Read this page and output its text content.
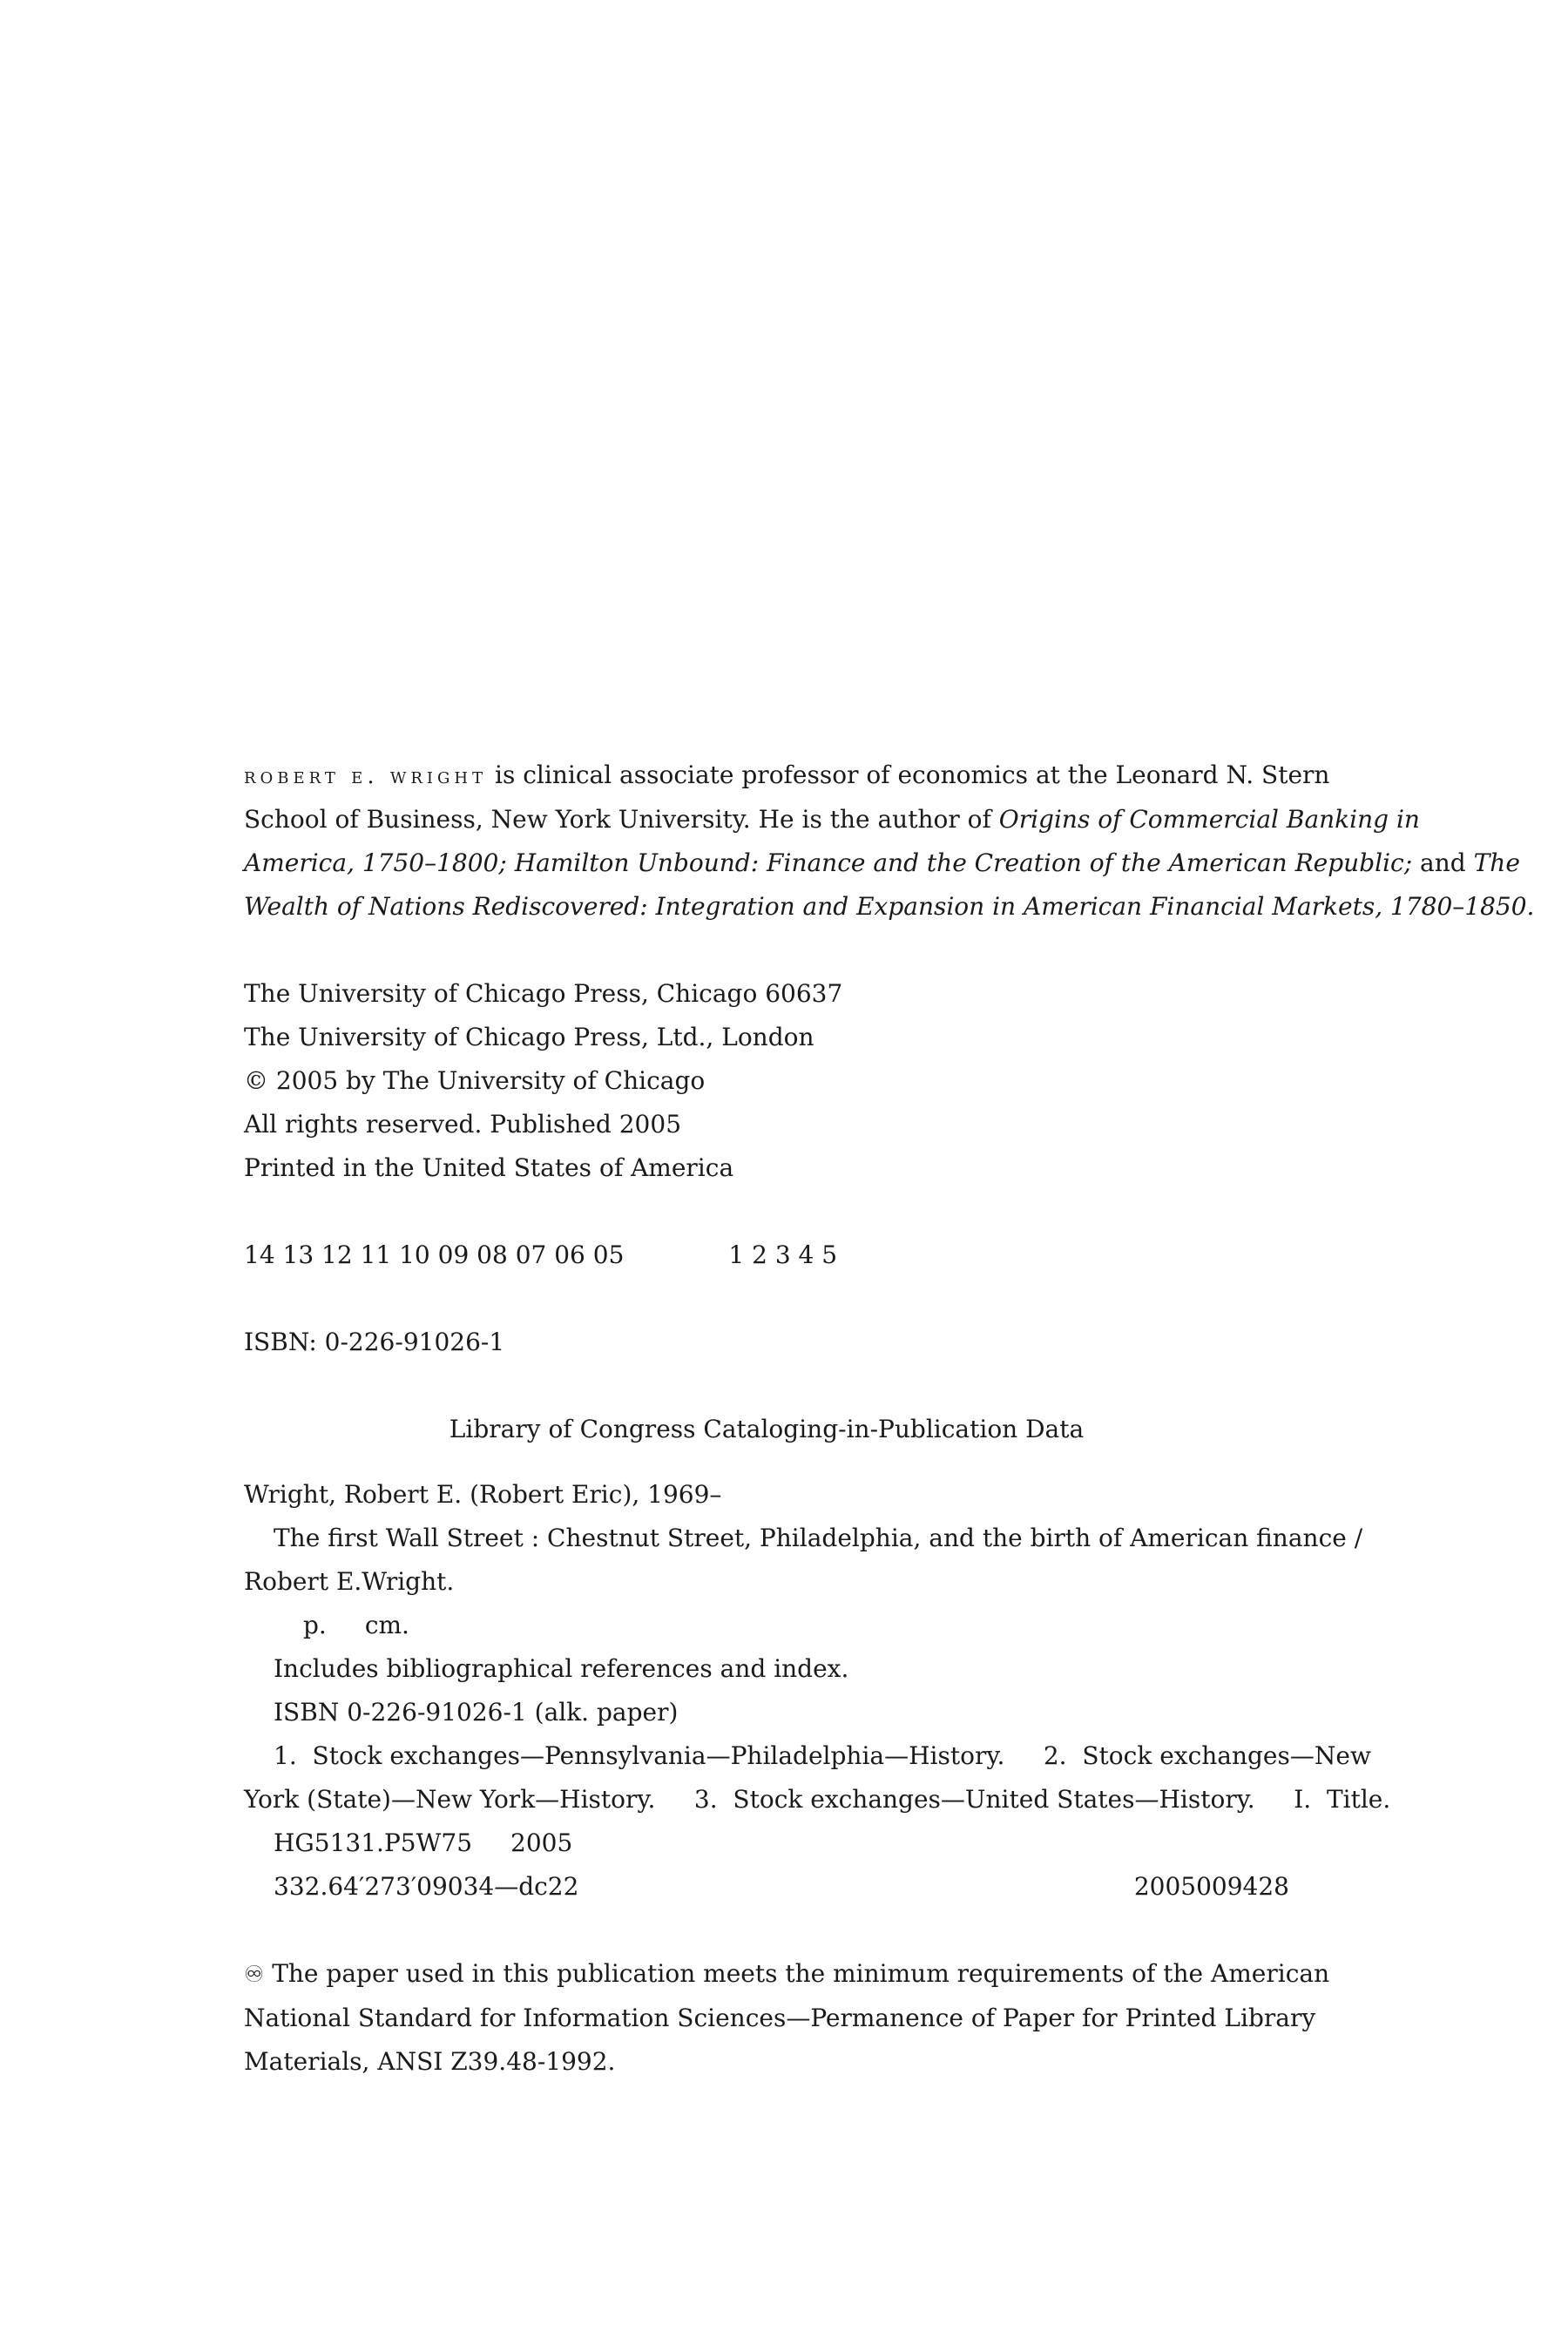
robert e. wright is clinical associate professor of economics at the Leonard N. Stern
School of Business, New York University. He is the author of Origins of Commercial Banking in
America, 1750–1800; Hamilton Unbound: Finance and the Creation of the American Republic; and The
Wealth of Nations Rediscovered: Integration and Expansion in American Financial Markets, 1780–1850.
The University of Chicago Press, Chicago 60637
The University of Chicago Press, Ltd., London
© 2005 by The University of Chicago
All rights reserved. Published 2005
Printed in the United States of America
14 13 12 11 10 09 08 07 06 05	1 2 3 4 5
ISBN: 0-226-91026-1
Library of Congress Cataloging-in-Publication Data
Wright, Robert E. (Robert Eric), 1969–
The first Wall Street : Chestnut Street, Philadelphia, and the birth of American finance /
Robert E.Wright.
p. cm.
Includes bibliographical references and index.
ISBN 0-226-91026-1 (alk. paper)
1.  Stock exchanges—Pennsylvania—Philadelphia—History.     2.  Stock exchanges—New
York (State)—New York—History.     3.  Stock exchanges—United States—History.     I.  Title.
HG5131.P5W75 2005
332.64′273′09034—dc22	2005009428
♾ The paper used in this publication meets the minimum requirements of the American
National Standard for Information Sciences—Permanence of Paper for Printed Library
Materials, ANSI Z39.48-1992.
